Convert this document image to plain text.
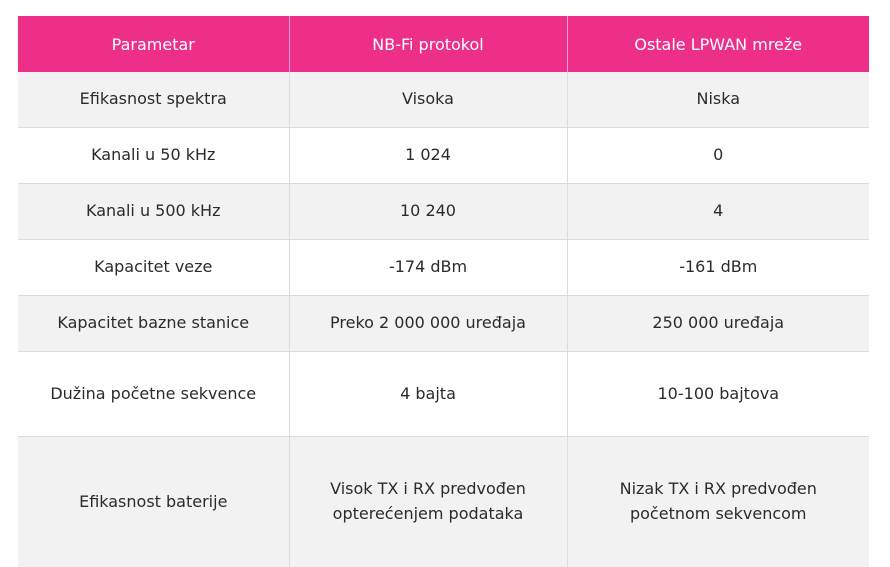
Parametar	NB-Fi protokol	Ostale LPWAN mreže
Efikasnost spektra	Visoka	Niska
Kanali u 50 kHz	1 024	0
Kanali u 500 kHz	10 240	4
Kapacitet veze	-174 dBm	-161 dBm
Kapacitet bazne stanice	Preko 2 000 000 uređaja	250 000 uređaja
Dužina početne sekvence	4 bajta	10-100 bajtova
Efikasnost baterije	Visok TX i RX predvođen opterećenjem podataka	Nizak TX i RX predvođen početnom sekvencom
